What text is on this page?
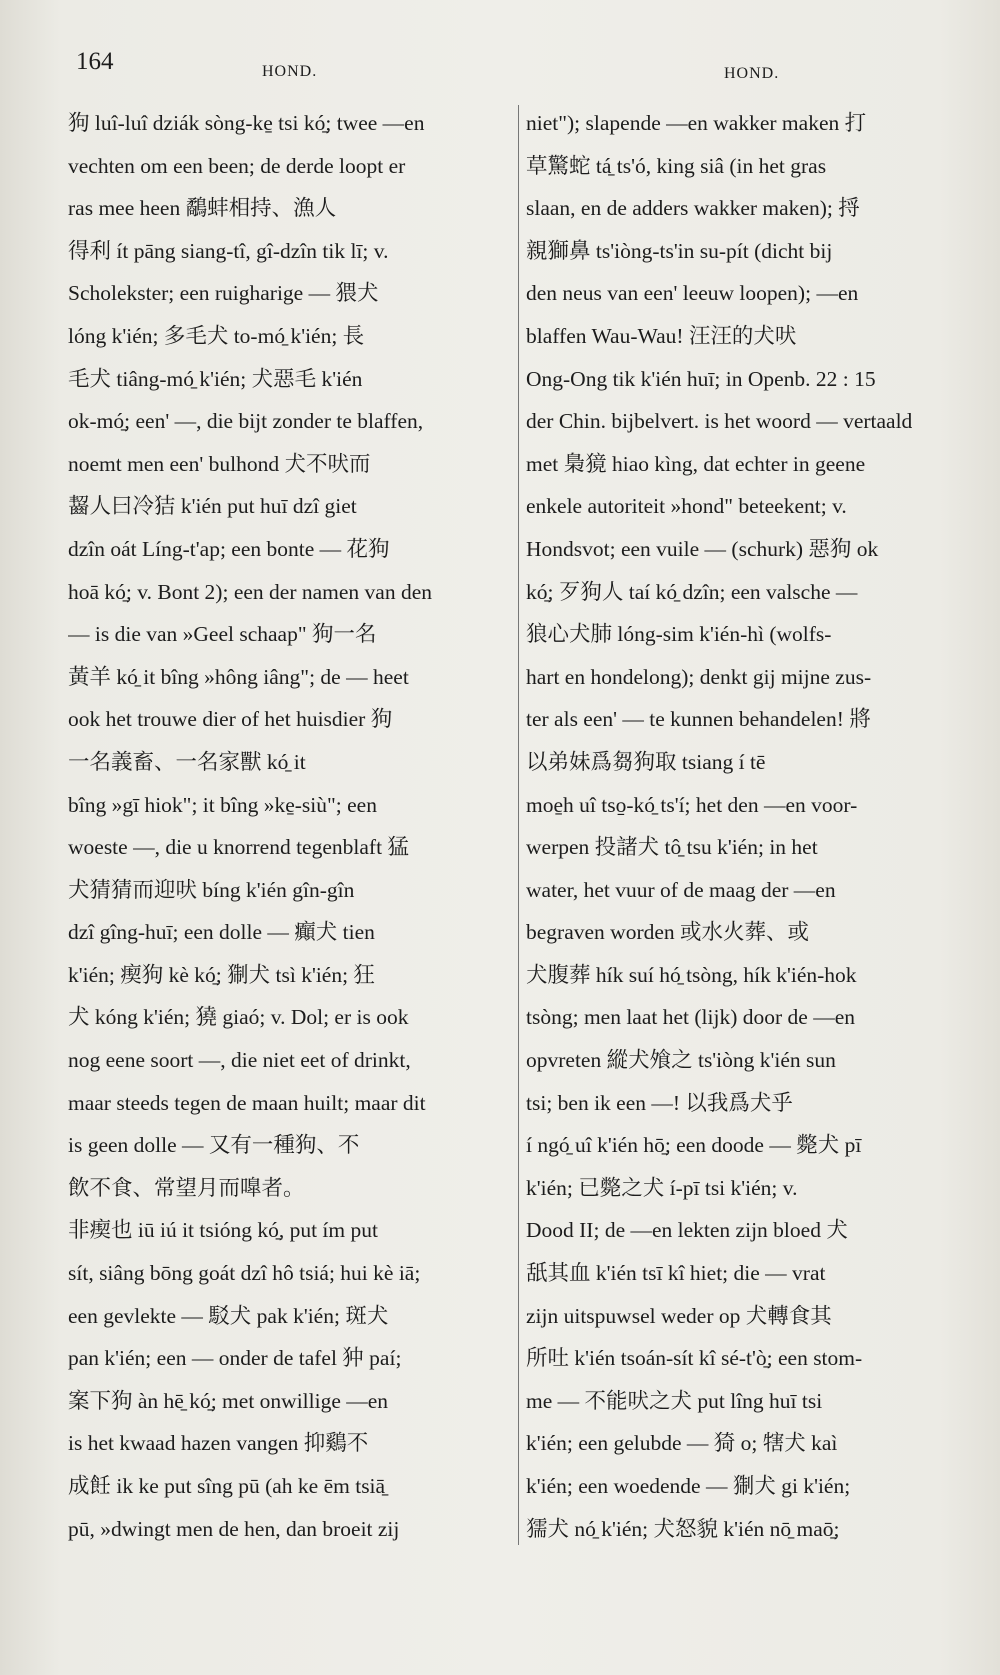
164	HOND.	HOND.
狗 luî-luî dziák sòng-ke̱ tsi kó̱; twee —en
vechten om een been; de derde loopt er
ras mee heen 鷸蚌相持、漁人
得利 ít pāng siang-tî, gî-dzîn tik lī; v.
Scholekster; een ruigharige — 猥犬
lóng k'ién; 多毛犬 to-mó̱ k'ién; 長
毛犬 tiâng-mó̱ k'ién; 犬惡毛 k'ién
ok-mó̱; een' —, die bijt zonder te blaffen,
noemt men een' bulhond 犬不吠而
齧人曰冷狤 k'ién put huī dzî giet
dzîn oát Líng-t'ap; een bonte — 花狗
hoā kó̱; v. Bont 2); een der namen van den
— is die van »Geel schaap" 狗一名
黃羊 kó̱ it bîng »hông iâng"; de — heet
ook het trouwe dier of het huisdier 狗
一名義畜、一名家獸 kó̱ it
bîng »gī hiok"; it bîng »ke̱-siù"; een
woeste —, die u knorrend tegenblaft 猛
犬猜猜而迎吠 bíng k'ién gîn-gîn
dzî gîng-huī; een dolle — 癲犬 tien
k'ién; 瘈狗 kè kó̱; 猘犬 tsì k'ién; 狂
犬 kóng k'ién; 獟 giaó; v. Dol; er is ook
nog eene soort —, die niet eet of drinkt,
maar steeds tegen de maan huilt; maar dit
is geen dolle — 又有一種狗、不
飲不食、常望月而嘷者。
非瘈也 iū iú it tsióng kó̱, put ím put
sít, siâng bōng goát dzî hô tsiá; hui kè iā;
een gevlekte — 駁犬 pak k'ién; 斑犬
pan k'ién; een — onder de tafel 狆 paí;
案下狗 àn hē̱ kó̱; met onwillige —en
is het kwaad hazen vangen 抑鷄不
成飪 ik ke put sîng pū (ah ke ēm tsiā̱
pū, »dwingt men de hen, dan broeit zij
niet"); slapende —en wakker maken 打
草驚蛇 tá̱ ts'ó, king siâ (in het gras
slaan, en de adders wakker maken); 捋
親獅鼻 ts'iòng-ts'in su-pít (dicht bij
den neus van een' leeuw loopen); —en
blaffen Wau-Wau! 汪汪的犬吠
Ong-Ong tik k'ién huī; in Openb. 22 : 15
der Chin. bijbelvert. is het woord — vertaald
met 梟獍 hiao kìng, dat echter in geene
enkele autoriteit »hond" beteekent; v.
Hondsvot; een vuile — (schurk) 惡狗 ok
kó̱; 歹狗人 taí kó̱ dzîn; een valsche —
狼心犬肺 lóng-sim k'ién-hì (wolfs-
hart en hondelong); denkt gij mijne zus-
ter als een' — te kunnen behandelen! 將
以弟妹爲芻狗取 tsiang í tē
moe̱h uî tso̱-kó̱ ts'í; het den —en voor-
werpen 投諸犬 tô̱ tsu k'ién; in het
water, het vuur of de maag der —en
begraven worden 或水火葬、或
犬腹葬 hík suí hó̱ tsòng, hík k'ién-hok
tsòng; men laat het (lijk) door de —en
opvreten 縱犬飧之 ts'iòng k'ién sun
tsi; ben ik een —! 以我爲犬乎
í ngó̱ uî k'ién hō̱; een doode — 斃犬 pī
k'ién; 已斃之犬 í-pī tsi k'ién; v.
Dood II; de —en lekten zijn bloed 犬
舐其血 k'ién tsī kî hiet; die — vrat
zijn uitspuwsel weder op 犬轉食其
所吐 k'ién tsoán-sít kî sé-t'ò̱; een stom-
me — 不能吠之犬 put lîng huī tsi
k'ién; een gelubde — 猗 o; 犗犬 kaì
k'ién; een woedende — 猘犬 gi k'ién;
獳犬 nó̱ k'ién; 犬怒貌 k'ién nō̱ maō̱;
